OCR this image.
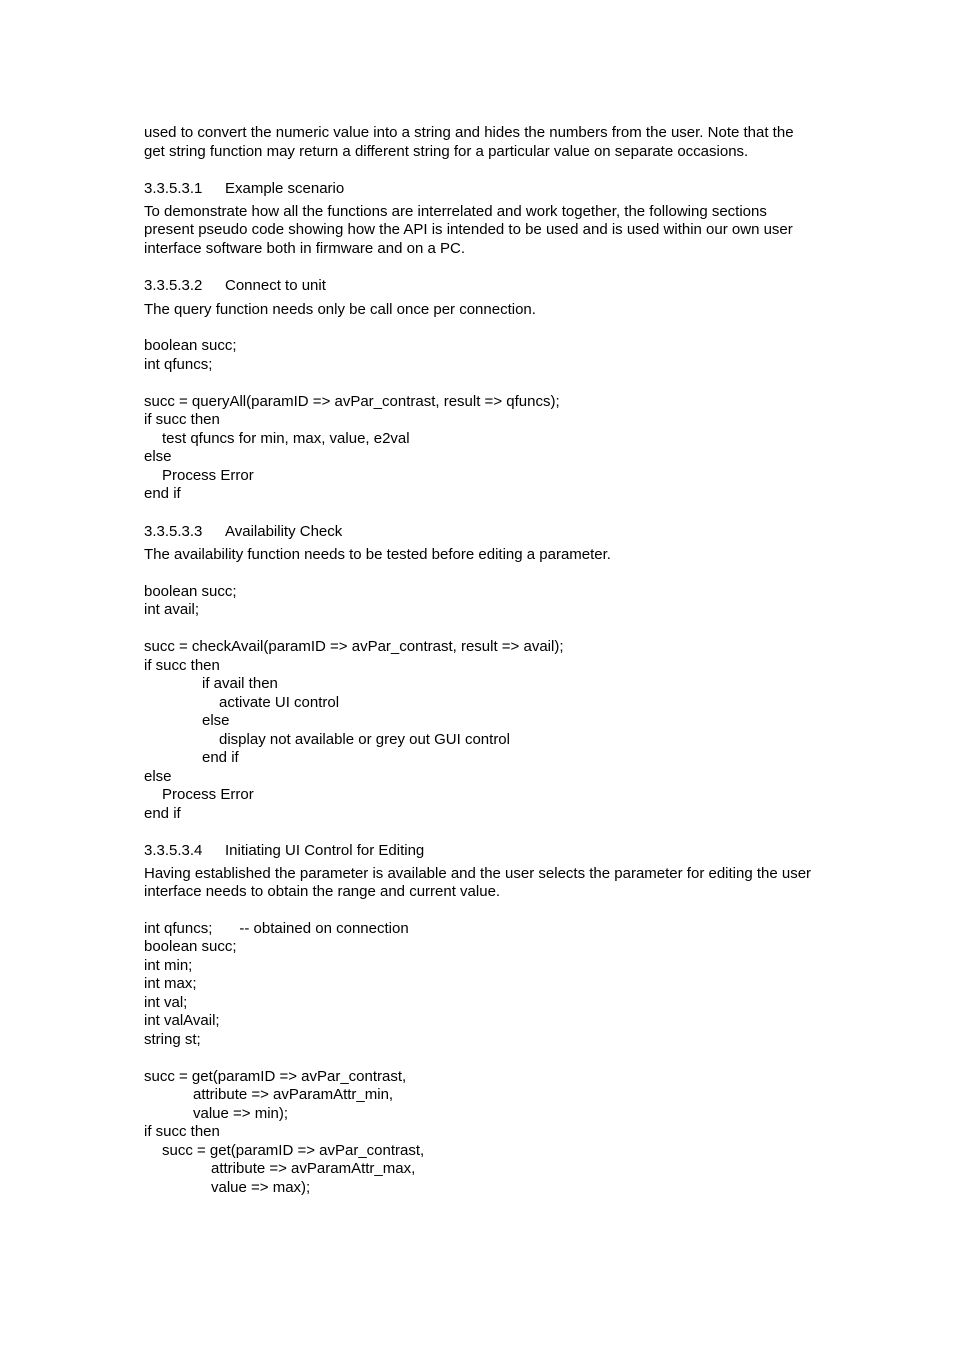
used to convert the numeric value into a string and hides the numbers from the user. Note that the get string function may return a different string for a particular value on separate occasions.

3.3.5.3.1	Example scenario

To demonstrate how all the functions are interrelated and work together, the following sections present pseudo code showing how the API is intended to be used and is used within our own user interface software both in firmware and on a PC.

3.3.5.3.2	Connect to unit

The query function needs only be call once per connection.

boolean succ;
int qfuncs;
succ = queryAll(paramID => avPar_contrast, result => qfuncs);
if succ then
test qfuncs for min, max, value, e2val
else
Process Error
end if
3.3.5.3.3	Availability Check

The availability function needs to be tested before editing a parameter.

boolean succ;
int avail;
succ = checkAvail(paramID => avPar_contrast, result => avail);
if succ then
if avail then
activate UI control
else
display not available or grey out GUI control
end if
else
Process Error
end if
3.3.5.3.4	Initiating UI Control for Editing

Having established the parameter is available and the user selects the parameter for editing the user interface needs to obtain the range and current value.

int qfuncs; -- obtained on connection
boolean succ;
int min;
int max;
int val;
int valAvail;
string st;
succ = get(paramID => avPar_contrast,
attribute => avParamAttr_min,
value => min);
if succ then
succ = get(paramID => avPar_contrast,
attribute => avParamAttr_max,
value => max);
